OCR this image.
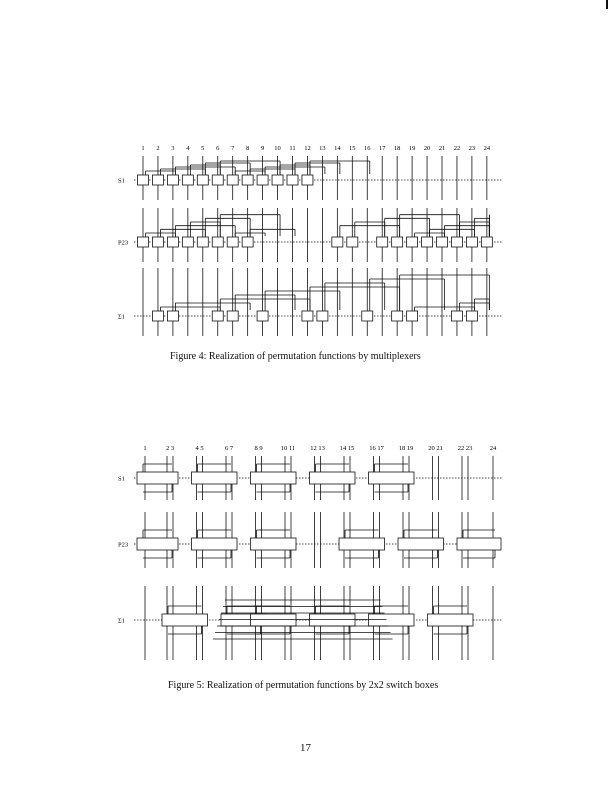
1 2 3 4 5 6 7 8 9 10 11 12 13 14 15 16 17 18 19 20 21 22 23 24
S1
P23
Σ1
Figure 4: Realization of permutation functions by multiplexers
1	2 3	4 5	6 7	8 9	10 11 12 13 14 15 16 17 18 19 20 21 22 23	24
S1
P23
Σ1
Figure 5: Realization of permutation functions by 2x2 switch boxes
17
